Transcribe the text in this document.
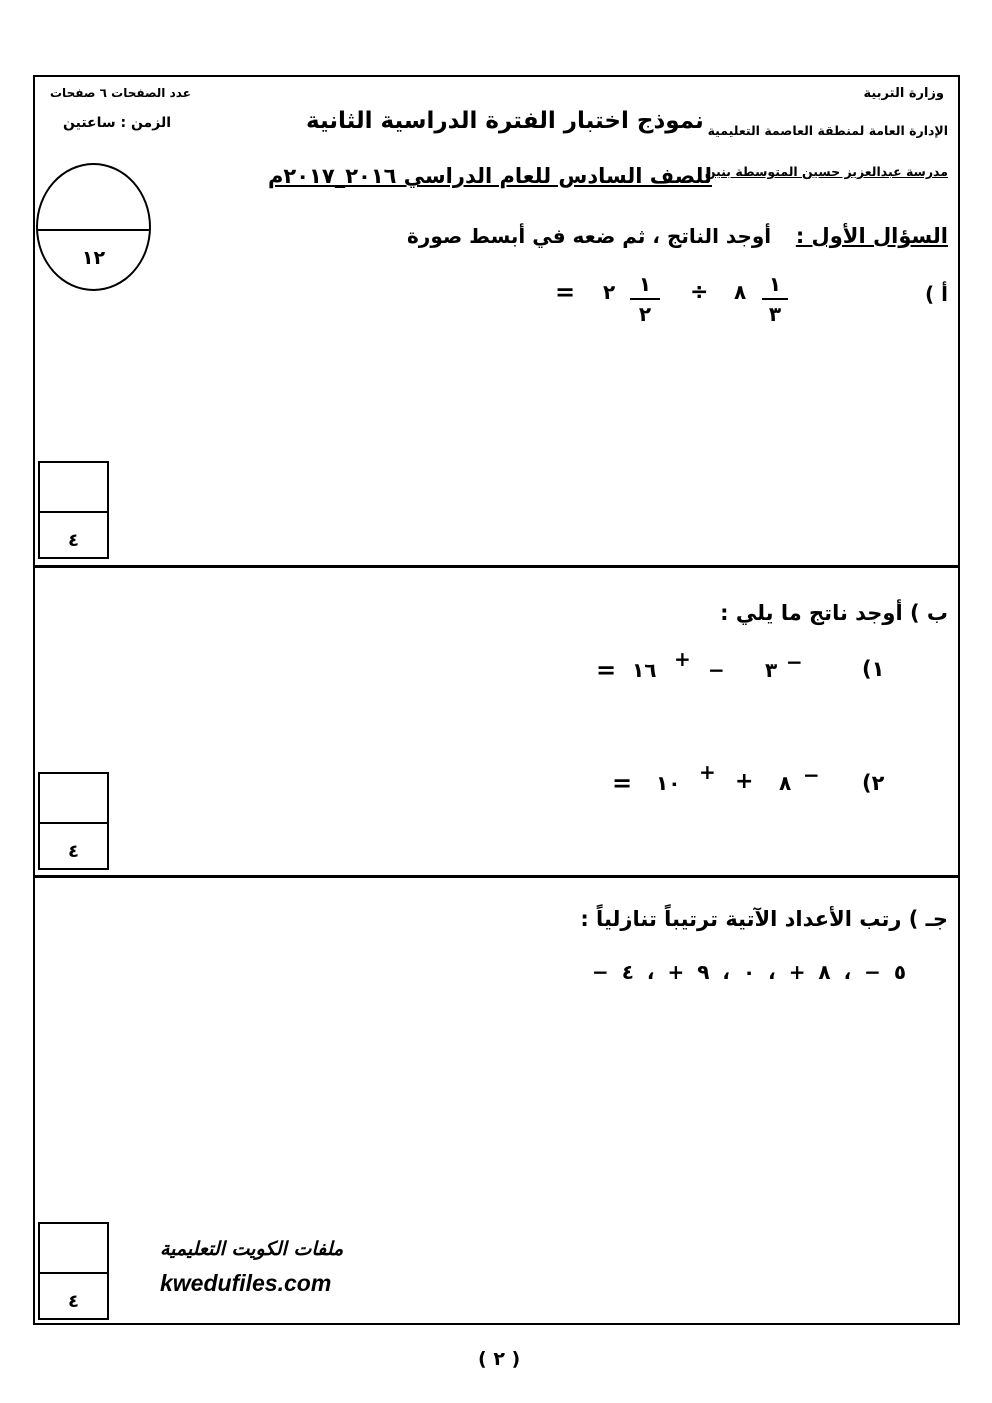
وزارة التربية
الإدارة العامة لمنطقة العاصمة التعليمية
مدرسة عبدالعزيز حسين المتوسطة بنين
نموذج اختبار الفترة الدراسية الثانية
للصف السادس للعام الدراسي ٢٠١٦_٢٠١٧م
عدد الصفحات ٦ صفحات
الزمن : ساعتين
١٢
السؤال الأول :
أوجد الناتج ، ثم ضعه في أبسط صورة
أ )
١
٣
٨
÷
١
٢
٢
=
٤
ب ) أوجد ناتج ما يلي :
١)
−
٣
−
+
١٦
=
٢)
−
٨
+
+
١٠
=
٤
جـ ) رتب الأعداد الآتية ترتيباً تنازلياً :
٥ − ، ٨ + ، ٠ ، ٩ + ، ٤ −
٤
ملفات الكويت التعليمية
kwedufiles.com
( ٢ )
